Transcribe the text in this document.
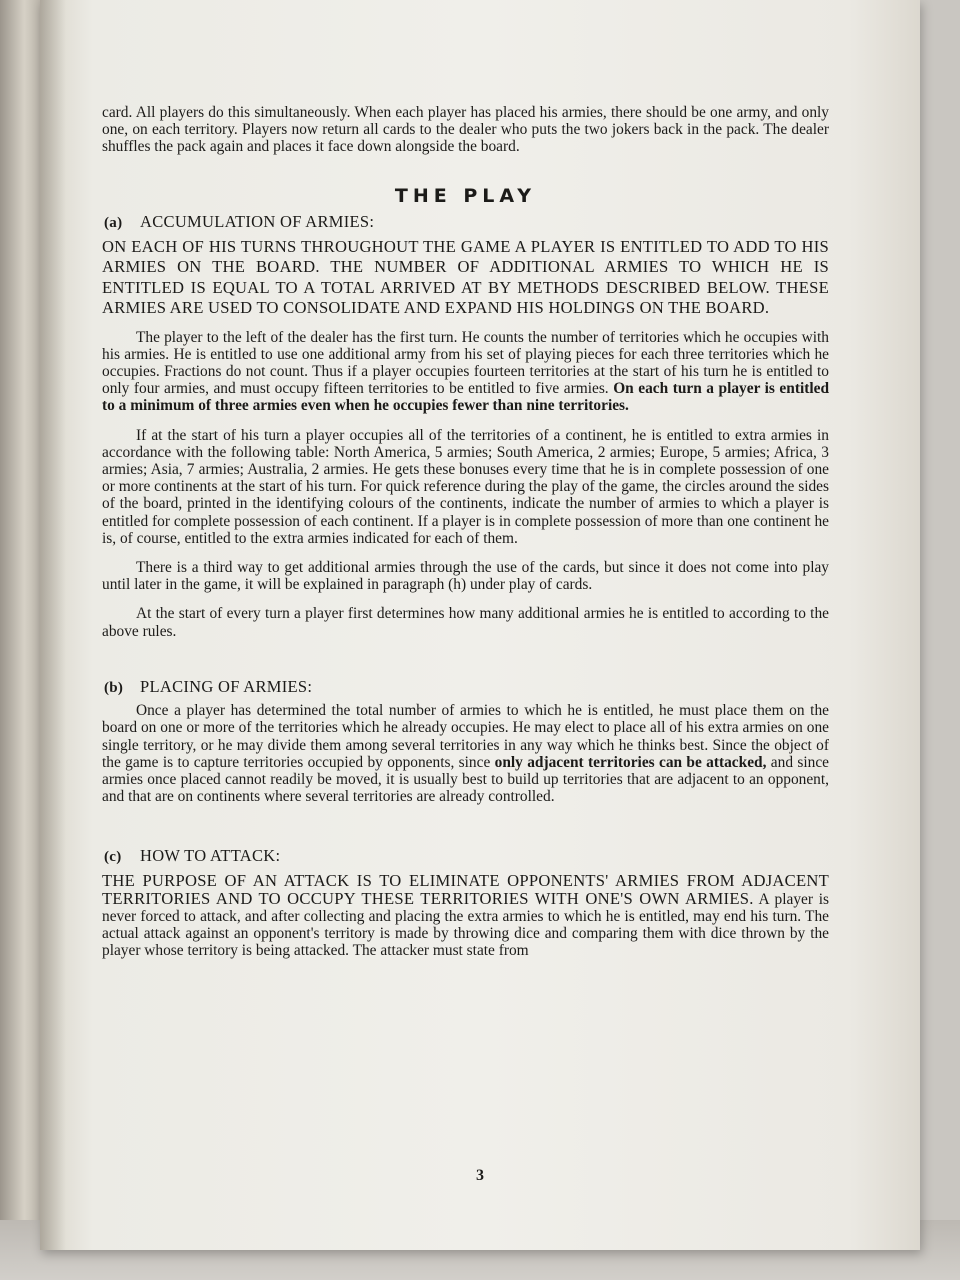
card. All players do this simultaneously. When each player has placed his armies, there should be one army, and only one, on each territory. Players now return all cards to the dealer who puts the two jokers back in the pack. The dealer shuffles the pack again and places it face down alongside the board.

THE PLAY
(a) ACCUMULATION OF ARMIES:

ON EACH OF HIS TURNS THROUGHOUT THE GAME A PLAYER IS ENTITLED TO ADD TO HIS ARMIES ON THE BOARD. THE NUMBER OF ADDITIONAL ARMIES TO WHICH HE IS ENTITLED IS EQUAL TO A TOTAL ARRIVED AT BY METHODS DESCRIBED BELOW. THESE ARMIES ARE USED TO CONSOLIDATE AND EXPAND HIS HOLDINGS ON THE BOARD.

The player to the left of the dealer has the first turn. He counts the number of territories which he occupies with his armies. He is entitled to use one additional army from his set of playing pieces for each three territories which he occupies. Fractions do not count. Thus if a player occupies fourteen territories at the start of his turn he is entitled to only four armies, and must occupy fifteen territories to be entitled to five armies. On each turn a player is entitled to a minimum of three armies even when he occupies fewer than nine territories.

If at the start of his turn a player occupies all of the territories of a continent, he is entitled to extra armies in accordance with the following table: North America, 5 armies; South America, 2 armies; Europe, 5 armies; Africa, 3 armies; Asia, 7 armies; Australia, 2 armies. He gets these bonuses every time that he is in complete possession of one or more continents at the start of his turn. For quick reference during the play of the game, the circles around the sides of the board, printed in the identifying colours of the continents, indicate the number of armies to which a player is entitled for complete possession of each continent. If a player is in complete possession of more than one continent he is, of course, entitled to the extra armies indicated for each of them.

There is a third way to get additional armies through the use of the cards, but since it does not come into play until later in the game, it will be explained in paragraph (h) under play of cards.

At the start of every turn a player first determines how many additional armies he is entitled to according to the above rules.

(b) PLACING OF ARMIES:

Once a player has determined the total number of armies to which he is entitled, he must place them on the board on one or more of the territories which he already occupies. He may elect to place all of his extra armies on one single territory, or he may divide them among several territories in any way which he thinks best. Since the object of the game is to capture territories occupied by opponents, since only adjacent territories can be attacked, and since armies once placed cannot readily be moved, it is usually best to build up territories that are adjacent to an opponent, and that are on continents where several territories are already controlled.

(c) HOW TO ATTACK:

THE PURPOSE OF AN ATTACK IS TO ELIMINATE OPPONENTS' ARMIES FROM ADJACENT TERRITORIES AND TO OCCUPY THESE TERRITORIES WITH ONE'S OWN ARMIES. A player is never forced to attack, and after collecting and placing the extra armies to which he is entitled, may end his turn. The actual attack against an opponent's territory is made by throwing dice and comparing them with dice thrown by the player whose territory is being attacked. The attacker must state from

3
